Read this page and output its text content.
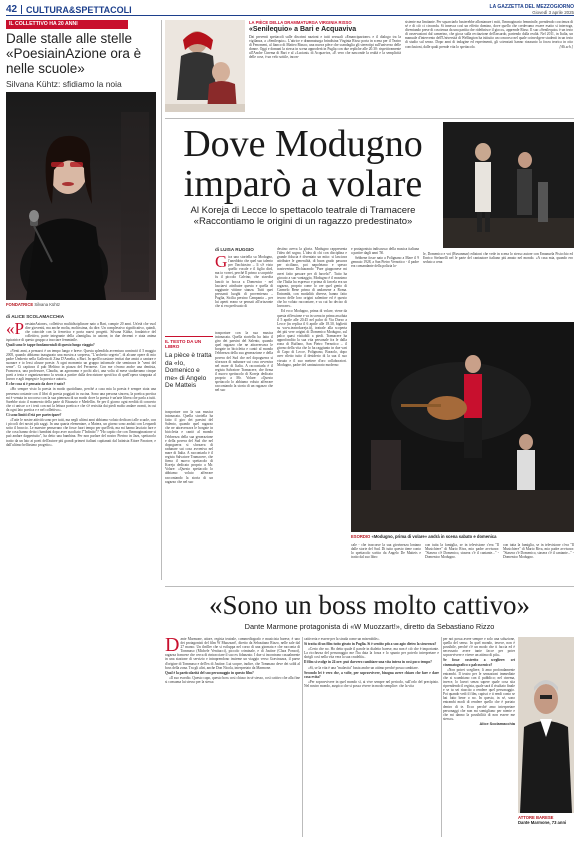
42 CULTURA&SPETTACOLI	LA GAZZETTA DEL MEZZOGIORNO
Giovedì 3 aprile 2025
IL COLLETTIVO HA 20 ANNI
Dalle stalle alle stelle «PoesiainAzione ora è nelle scuole»
Silvana Kühtz: sfidiamo la noia
FONDATRICE Silvana Kühtz
di ALICE SCOLAMACCHIA

«PoesiainAzione», collettivo multidisciplinare nato a Bari, compie 20 anni. Un'età che vuol dire gioventù, ma anche molta, moltissima, da dire. Un complessivo significativo, quindi, che coincide con la frenetica e porta nuovi progetti. Silvana Kühtz, fondatrice del collettivo, parte integrante della «famiglia» in azione, in due decenni e stata anima ispiratrice di questo gruppo a tracciare femminile.

Quali sono le tappe fondamentali di questo lungo viaggio?

«Venti anni, a pensarci è un tempo lungo e breve. Questa splendida avventura cominciò il 5 maggio 2005, quando abbiamo inaugurato una mostra a sorpresa, "L'archetto segreto", di alcune opere di mio padre Umberto nella Galleria di Zina D'Amelia, a Bari. In quell'occasione invitai due amici a cantare e suonare e io lessi alcune poesie. A ogni momento un gruppo informale che seminava le "semi del seme". Ci capitava il pub Meltino in piazza del Ferrarese. Con me c'erano anche una dentista, Francesca, una professore, Claudia, un agronomo e pochi altri, una volta al mese studiavamo cinque poeti a testa e organizzavamo la serata a partire dalla descrizione specifica di quell'opera strappata al lavoro e agli impegni e la poesia e autori».

E che cosa si è pensato da dove è nato?

«Ho sempre visto la poesia in modo quotidiano, perché a casa mia la poesia è sempre stata una presenza costante con il libri di poesia poggiati in cucina. Sono una persona sincera, la poetica poetica mi è venuta in soccorso con la sua pienezza di un modo dove la poesia è un'arte libera che parla a tutti. Sarebbe stato il momento della parte di Bisanzio e Medellin. Se per il giorno ogni eredità di concerto che ci unisce a e i testi con noi la lettura poetica e che s'è resistita dai piedi molto andare avanti, in cui da ogni lato poetica e e nel collettivo».

Ci sono limiti d'età per partecipare?

«Tutte le nostre attività sono per tutti, ma negli ultimi anni abbiamo voluto dedicarci alle scuole, con i piccoli dei nostri più saggi. In una quarta elementare, a Matera, un giorno sono andati con Leopardi sotto il braccio. Le maestre pensavano che fosse fuori tempo per quell'età, ma mi hanno lasciato fare e che cosa hanno detto i bambini dopo aver ascoltato l'"Infinito"? "Ho capito che con l'immaginazione si può andare dappertutto", ha detto una bambina. Per non parlare del nostro Pierino in Jazz, spettacolo tratto da un lato ai poeti dell'autore più grandi primeri italiani capitanati dal latinista Ettore Paratore, e dall'ultimo bellissimo progetto».

LA PIÈCE DELLA DRAMMATURGA VIRGINIA RISSO
«Senilequio» a Bari e Acquaviva
Dai preventi spettacoli sulle discrimi nazioni e tutti sessuali «Emancipazione» e il dialogo tra la vigilanza, a «Senilequio». L'attrice e drammaturga brindisina Virginia Risso porta in scena per il Teatro di Fenomeni, al fianco di Matteo Biasco, una nuova pièce che scandaglia gli stereotipi sull'universo delle donne. Oggi e domani la stessa in scena approderà in Puglia con due repliche alle 20.30: rispettivamente all'Anche Cinema di Bari e al «Luciani» di Acquaviva, «È vero che nasconde la realtà e la semplicità delle cose, è un velo sottile, incon-
sistente ma limitante. Per squarciarlo basterebbe allontanare i miti, l'immaginario femminile, prendendo coscienza di sé e di ciò ci circonda. Si innesca così un effetto domino, dove quello che credevamo essere esatto si interroga, diventando prese di coscienza da una partita che ridefinisce il gioco», apprende Risso. Il suo «Senilequio» è un testo di osservazioni dal camerino, che gioca sulla recitazione dell'assurdo, partendo dalla realtà. Nel 2011, in Italia, un manuale d'intervento dell'Università di Wellington ha istituito un concorso nel quale coinvolgere studenti in un testo di studio sul senso. Dopo anni di indagine ed esperimenti, gli scienziati hanno riassunto la forza teorica in otto conclusioni, dalle quali prende vita lo spettacolo.	[Ali.sch.]
Dove Modugno imparò a volare
Al Koreja di Lecce lo spettacolo teatrale di Tramacere «Raccontiamo le origini di un ragazzo predestinato»
di LUISA RUGGIO
Gira una storiella su Modugno, l'aneddoto che quel suo talento per l'inchiostro – lì s'è visto quello vocale e il figlio dird, ma io vorrei, perché Il primo a scoprirle fu il piccolo Calvino, che stavolta lanciò in bocca a Domenico - nel lasciarvi attribuire questa e quella di raggiunte vittime stanza. Tutti quei pressanti luoghi di provenienza – Puglia, Sicilia persino Campania – per lui aperti erano se pensati all'orizzonte che si era prefissato di
IL TESTO DA UN LIBRO
La pièce è tratta da «Io, Domenico e me» di Angelo De Matteis
trasportare con la sua musica intonacata. Quella storiella ha fatto il giro dei paesini del Salento, quando quel ragazzo che ne attraversava le borgate in bicicletta e cantò al mondo l'ebbrezza della sua generazione e della povera del Sud che nel dopoguerra si sforzava di radunare sui cosa avveniva nel mare di Italia. A raccontarla è il regista Salvatore Tramacere, che firma il nuovo spettacolo di Koreja dedicato proprio a Mr. Volare: «Questo spettacolo lo abbiamo voluto afferrare raccontando la storia di un ragazzo che nel suo
trasportare con la sua musica intonacata. Quella storiella ha fatto il giro dei paesini del Salento, quando quel ragazzo che ne attraversava le borgate in bicicletta e cantò al mondo l'ebbrezza della sua generazione e della povera del Sud che nel dopoguerra si sforzava di radunare sui cosa avveniva nel mare di Italia. A raccontarla è il regista Salvatore Tramacere, che firma il nuovo spettacolo di Koreja dedicato proprio a Mr. Volare: «Questo spettacolo lo abbiamo voluto afferrare raccontando la storia di un ragazzo che nel suo

destino aveva la gloria. Modugno rappresenta l'idea del sogno, L'idea di chi con disciplina e grande fiducia è diventato un mito: si lasciava attribuire le generalità, di buon grado passava per siciliano, poi napoletano e spesso trasteverino Dichiarando "Pure giapponese mi avrei fatto passare per di farcela!". Tutto ha giocato a suo vantaggio, Modugno è il massimo che l'Italia ha espresso e prima di farcela era un ragazzo, proprio come lo ore quel genio di Carmelo Bene prima di andarsene a Roma. Entrambi, con modalità diverse, hanno fatto tesoro delle loro origini salentine ed è questo che ho voluto raccontare, e su cui ho deciso di lavorare».

Ed ecco Modugno, prima di volare, viene da questa riflessione e va in scena in prima assoluta il 5 aprile alle 20.45 nel palco di Via Dorso a Lecce (in replica il 6 aprile alle 18.30, biglietti su www.teatrokoreja.it), teatrale alla scoperta dei più vere origini di Domenico Modugno, sul palco quasi visitabili a piedi. Tramacere ha approfondito la sua vita personale fra le dalla zona di Ruffano, San Pietro Vernotico – il giorno della vita che lo ha raggiunto in due vari di Capo di Lecce, Polignano, Boraolo, dopo aver riletto tutto il desiderio di la sua il suo vissuto e il suo mettere d'oro collaboratori. Modugno, padre del cantautorato moderno

e protagonista indiscusso della musica italiana a partire dagli anni '50.

Sebbene fosse nato a Polignano a Mare il 9 gennaio 1928, a San Pietro Vernotico - il padre era comandante della polizia lo-

le, Domenico e voi (Ruvanmar) edizioni che vede in scena lo stesso autore con Emanuela Pisicchio ed Enrico Stefanelli nel le parte del cantautore italiano più amato nel mondo. «A casa mia, quando ero seduto a cena
ESORDIO «Modugno, prima di volare» andrà in scena sabato e domenica
cale - che trascorse la sua giovinezza lontano dalle storie del Sud. Di tutto questo tiene conto lo spettacolo scritto da Angelo De Matteis e tratto dal suo libro
con tutta la famiglia, se in televisione c'era "Il Musichiere" di Mario Riva, mio padre avvisava: "Stasera c'è Domenico, stasera c'è il cantante..." - Domenico Modugno.
con tutta la famiglia, se in televisione c'era "Il Musichiere" di Mario Riva, mio padre avvisava: "Stasera c'è Domenico, stasera c'è il cantante..." - Domenico Modugno.
«Sono un boss molto cattivo»
Dante Marmone protagonista di «W Muozzart!», diretto da Sebastiano Rizzo

Dante Marmone, attore, regista teatrale, commediografo e musicista barese, è uno dei protagonisti del film W Muozzart!, diretto da Sebastiano Rizzo, nelle sale dal 27 marzo. Un thriller che si sviluppa nel corso di una giornata e che racconta di Tommaso (Michele Venitucci), piccolo criminale, e di Justine (Clara Ponsot), ragazza francese che cerca di rintracciare il suo ex fidanzato. I due si incontrano casualmente in una stazione di servizio e intraprendono insieme un viaggio verso Gravinazza, il paese d'origine di Tommaso e dell'ex di Justine. Lui scopre, inoltre, che Tommaso deve dei soldi al boss della zona. Tra gli altri, anche Don Nicola, interpretato da Marmone.

Qual è la particolarità del suo personaggio in questo film?

«Il suo esordio. Questo capo, questo boss cosi chiuso in sé stesso, così cattivo che alla fine si consuma lui stesso per la stessa

cattiveria e essere per la strada come un miserabile».

Si tratta di un film tutto girato in Puglia. Si è sentito più a suo agio dietro la sicurezza?

«Certo che no. Ho detto quale il parole in dialetto barese, ma non è ciò che è importante. La ricchezza del personaggio me l'ha data la forza e lo spunto per poterlo interpretare e sbrigli così nella vita vera la sua crudeltà».

Il film si svolge in 24 ore: può davvero cambiare una vita intera in così poco tempo?

«Sì, se la vita è una "malavita" basta anche un attimo perché possa cambiare.

Secondo lei è vero che, a volte, per sopravvivere, bisogna avere chiaro che fare e dare cosa evita?

«Per sopravvivere in quel mondo sì, ai vive sempre nel pericolo, sull'orlo del precipizio. Nel nostro mondo, auspico che si possa vivere in modo semplice: che la vita

per noi possa avere sempre e solo una soluzione, quella del senso. In quel mondo, invece, non è possibile, perché c'è un modo che ti faccia ed è necessario avere tante facce per poter sopravvivere e vivere un attimo di più».

Se fosse costretto a scegliere: set cinematografico o palcoscenico?

«Non potrei scegliere, li amo profondamente entrambi. Il teatro per le sensazioni immediate che si scambiano con il pubblico; nel cinema, invece, lo lavori senza sapere quale cosa stia riprendendo il regista, quale sarà il risultato finale e se tu sei riuscito a rendere quel personaggio. Poi quando vedi il film, capisci e ti rendi conto se hai fatto bene o no. In questo, in sé, sono entrambi modi di rendere quello che è portato dentro di te. Ecco perché amo interpretare personaggi che non mi somigliano per niente e che mi danno la possibilità di non essere me stesso».

Alice Scolamacchia

ATTORE BARESE
Dante Marmone, 73 anni
